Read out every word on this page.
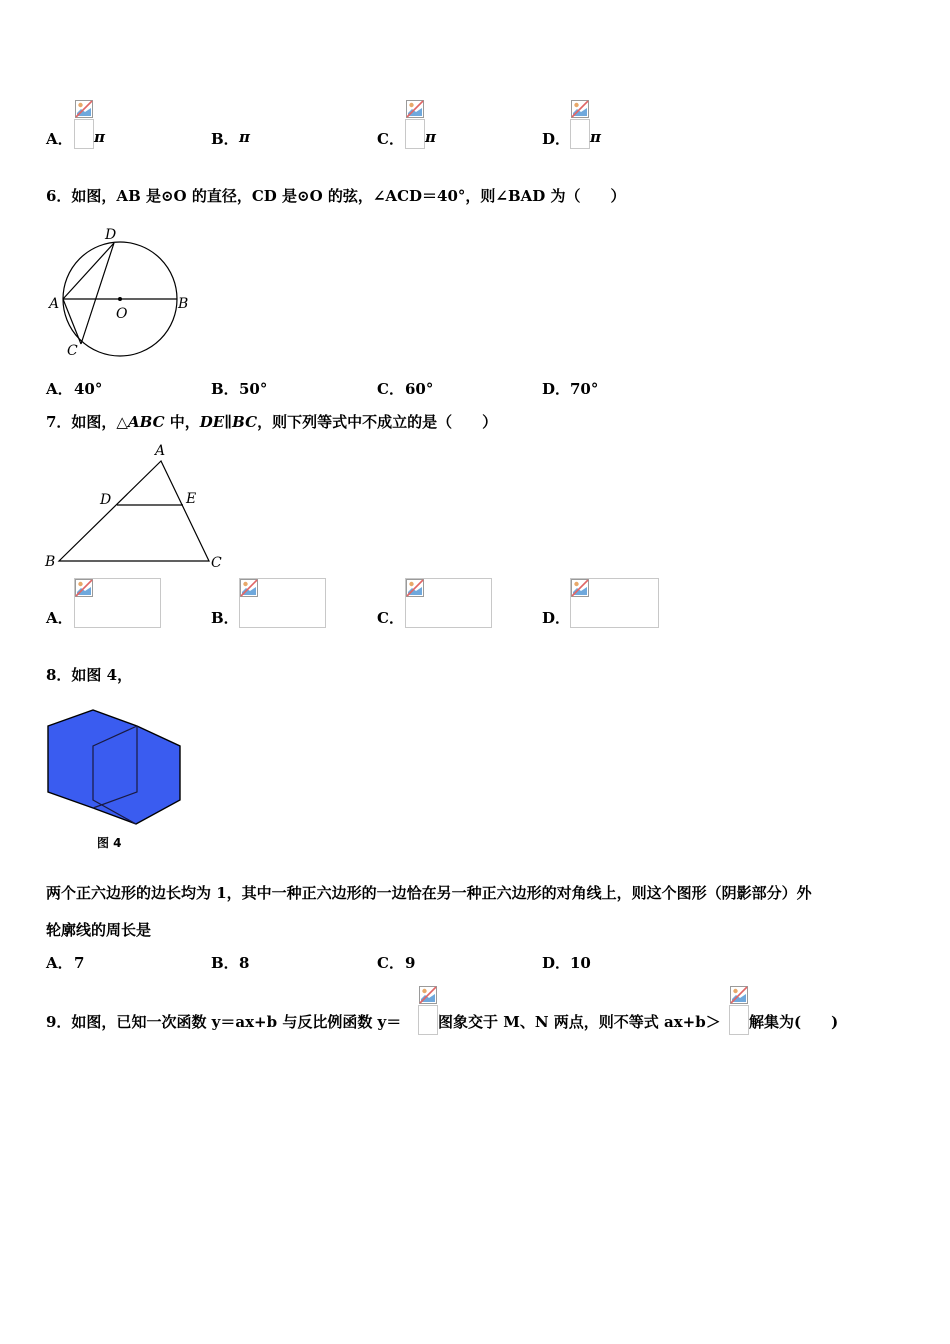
A． π	B． π	C． π	D． π
6．如图，AB 是⊙O 的直径，CD 是⊙O 的弦，∠ACD＝40°，则∠BAD 为（　　）
D
A	B
O
C
A． 40°	B． 50°	C． 60°	D． 70°
7．如图，△ABC 中，DE∥BC，则下列等式中不成立的是（　　）
A
D	E
B	C
A．	B．	C．	D．
8．如图 4，
图 4
两个正六边形的边长均为 1，其中一种正六边形的一边恰在另一种正六边形的对角线上，则这个图形（阴影部分）外
轮廓线的周长是
A． 7	B． 8	C． 9	D． 10
9．如图，已知一次函数 y＝ax+b 与反比例函数 y＝ 图象交于 M、N 两点，则不等式 ax+b＞ 解集为(　　)
